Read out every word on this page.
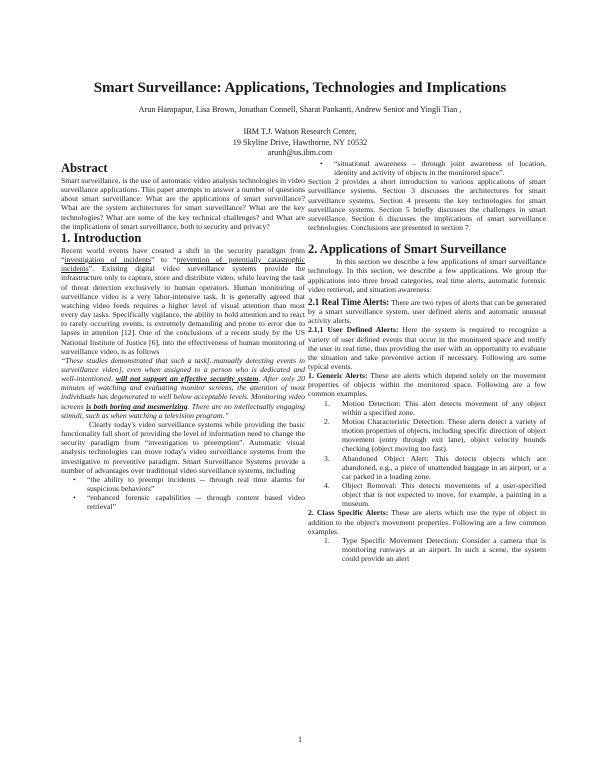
Smart Surveillance: Applications, Technologies and Implications
Arun Hampapur, Lisa Brown, Jonathan Connell, Sharat Pankanti, Andrew Senior and Yingli Tian ,
IBM T.J. Watson Research Center,
19 Skyline Drive, Hawthorne, NY 10532
arunh@us.ibm.com
Abstract

Smart surveillance, is the use of automatic video analysis technologies in video surveillance applications. This paper attempts to answer a number of questions about smart surveillance: What are the applications of smart surveillance? What are the system architectures for smart surveillance? What are the key technologies? What are some of the key technical challenges? and What are the implications of smart surveillance, both to security and privacy?

1. Introduction

Recent world events have created a shift in the security paradigm from “investigation of incidents” to “prevention of potentially catastrophic incidents”. Existing digital video surveillance systems provide the infrastructure only to capture, store and distribute video, while leaving the task of threat detection exclusively to human operators. Human monitoring of surveillance video is a very labor-intensive task. It is generally agreed that watching video feeds requires a higher level of visual attention than most every day tasks. Specifically vigilance, the ability to hold attention and to react to rarely occurring events, is extremely demanding and prone to error due to lapses in attention [12]. One of the conclusions of a recent study by the US National Institute of Justice [6], into the effectiveness of human monitoring of surveillance video, is as follows

“These studies demonstrated that such a task[..manually detecting events in surveillance video], even when assigned to a person who is dedicated and well-intentioned, will not support an effective security system. After only 20 minutes of watching and evaluating monitor screens, the attention of most individuals has degenerated to well below acceptable levels. Monitoring video screens is both boring and mesmerizing. There are no intellectually engaging stimuli, such as when watching a television program.”

Clearly today's video surveillance systems while providing the basic functionality fall short of providing the level of information need to change the security paradigm from “investigation to preemption”. Automatic visual analysis technologies can move today's video surveillance systems from the investigative to preventive paradigm. Smart Surveillance Systems provide a number of advantages over traditional video surveillance systems, including

• “the ability to preempt incidents -- through real time alarms for suspicious behaviors”
• “enhanced forensic capabilities -- through content based video retrieval”
• “situational awareness – through joint awareness of location, identity and activity of objects in the monitored space”.

Section 2 provides a short introduction to various applications of smart surveillance systems. Section 3 discusses the architectures for smart surveillance systems. Section 4 presents the key technologies for smart surveillance systems. Section 5 briefly discusses the challenges in smart surveillance. Section 6 discusses the implications of smart surveillance technologies. Conclusions are presented in section 7.

2. Applications of Smart Surveillance

In this section we describe a few applications of smart surveillance technology. In this section, we describe a few applications. We group the applications into three broad categories, real time alerts, automatic forensic video retrieval, and situation awareness.

2.1 Real Time Alerts: There are two types of alerts that can be generated by a smart surveillance system, user defined alerts and automatic unusual activity alerts.

2.1.1 User Defined Alerts: Here the system is required to recognize a variety of user defined events that occur in the monitored space and notify the user in real time, thus providing the user with an opportunity to evaluate the situation and take preventive action if necessary. Following are some typical events.

1. Generic Alerts: These are alerts which depend solely on the movement properties of objects within the monitored space. Following are a few common examples.

1. Motion Detection: This alert detects movement of any object within a specified zone.
2. Motion Characteristic Detection: These alerts detect a variety of motion properties of objects, including specific direction of object movement (entry through exit lane), object velocity bounds checking (object moving too fast).
3. Abandoned Object Alert: This detects objects which are abandoned, e.g., a piece of unattended baggage in an airport, or a car parked in a loading zone.
4. Object Removal: This detects movements of a user-specified object that is not expected to move, for example, a painting in a museum.

2. Class Specific Alerts: These are alerts which use the type of object in addition to the object's movement properties. Following are a few common examples.

1. Type Specific Movement Detection: Consider a camera that is monitoring runways at an airport. In such a scene, the system could provide an alert
1
